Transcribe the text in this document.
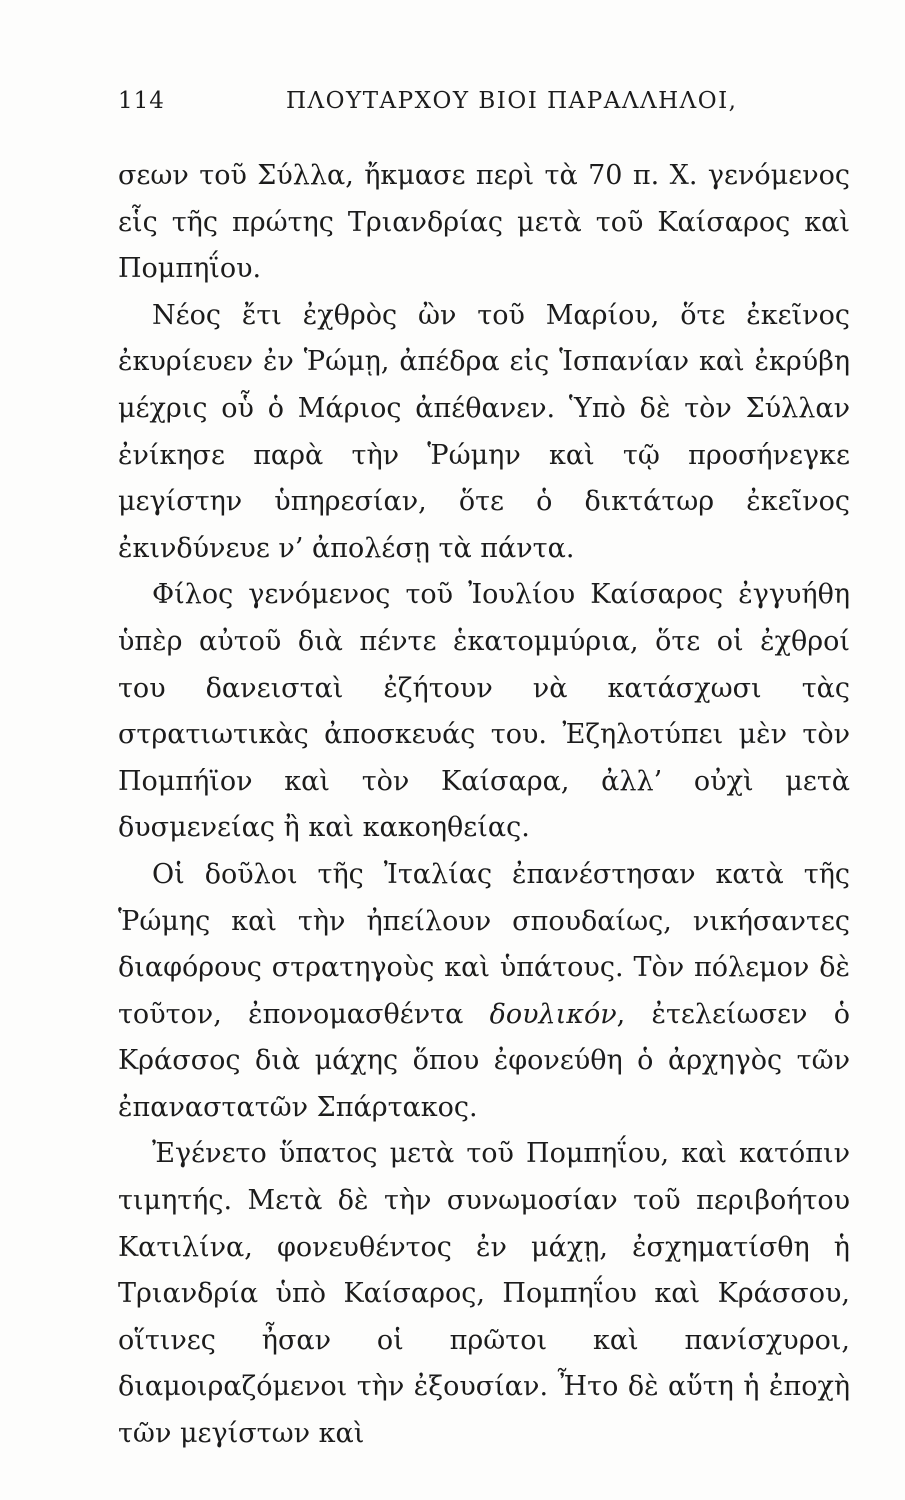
114	ΠΛΟΥΤΑΡΧΟΥ ΒΙΟΙ ΠΑΡΑΛΛΗΛΟΙ,

σεων τοῦ Σύλλα, ἤκμασε περὶ τὰ 70 π. Χ. γενόμενος εἷς τῆς πρώτης Τριανδρίας μετὰ τοῦ Καίσαρος καὶ Πομπηΐου.

Νέος ἔτι ἐχθρὸς ὢν τοῦ Μαρίου, ὅτε ἐκεῖνος ἐκυρίευεν ἐν Ῥώμῃ, ἀπέδρα εἰς Ἱσπανίαν καὶ ἐκρύβη μέχρις οὗ ὁ Μάριος ἀπέθανεν. Ὑπὸ δὲ τὸν Σύλλαν ἐνίκησε παρὰ τὴν Ῥώμην καὶ τῷ προσήνεγκε μεγίστην ὑπηρεσίαν, ὅτε ὁ δικτάτωρ ἐκεῖνος ἐκινδύνευε ν’ ἀπολέσῃ τὰ πάντα.

Φίλος γενόμενος τοῦ Ἰουλίου Καίσαρος ἐγγυήθη ὑπὲρ αὐτοῦ διὰ πέντε ἑκατομμύρια, ὅτε οἱ ἐχθροί του δανεισταὶ ἐζήτουν νὰ κατάσχωσι τὰς στρατιωτικὰς ἀποσκευάς του. Ἐζηλοτύπει μὲν τὸν Πομπήϊον καὶ τὸν Καίσαρα, ἀλλ’ οὐχὶ μετὰ δυσμενείας ἢ καὶ κακοηθείας.

Οἱ δοῦλοι τῆς Ἰταλίας ἐπανέστησαν κατὰ τῆς Ῥώμης καὶ τὴν ἠπείλουν σπουδαίως, νικήσαντες διαφόρους στρατηγοὺς καὶ ὑπάτους. Τὸν πόλεμον δὲ τοῦτον, ἐπονομασθέντα δουλικόν, ἐτελείωσεν ὁ Κράσσος διὰ μάχης ὅπου ἐφονεύθη ὁ ἀρχηγὸς τῶν ἐπαναστατῶν Σπάρτακος.

Ἐγένετο ὕπατος μετὰ τοῦ Πομπηΐου, καὶ κατόπιν τιμητής. Μετὰ δὲ τὴν συνωμοσίαν τοῦ περιβοήτου Κατιλίνα, φονευθέντος ἐν μάχῃ, ἐσχηματίσθη ἡ Τριανδρία ὑπὸ Καίσαρος, Πομπηΐου καὶ Κράσσου, οἵτινες ἦσαν οἱ πρῶτοι καὶ πανίσχυροι, διαμοιραζόμενοι τὴν ἐξουσίαν. Ἦτο δὲ αὕτη ἡ ἐποχὴ τῶν μεγίστων καὶ
